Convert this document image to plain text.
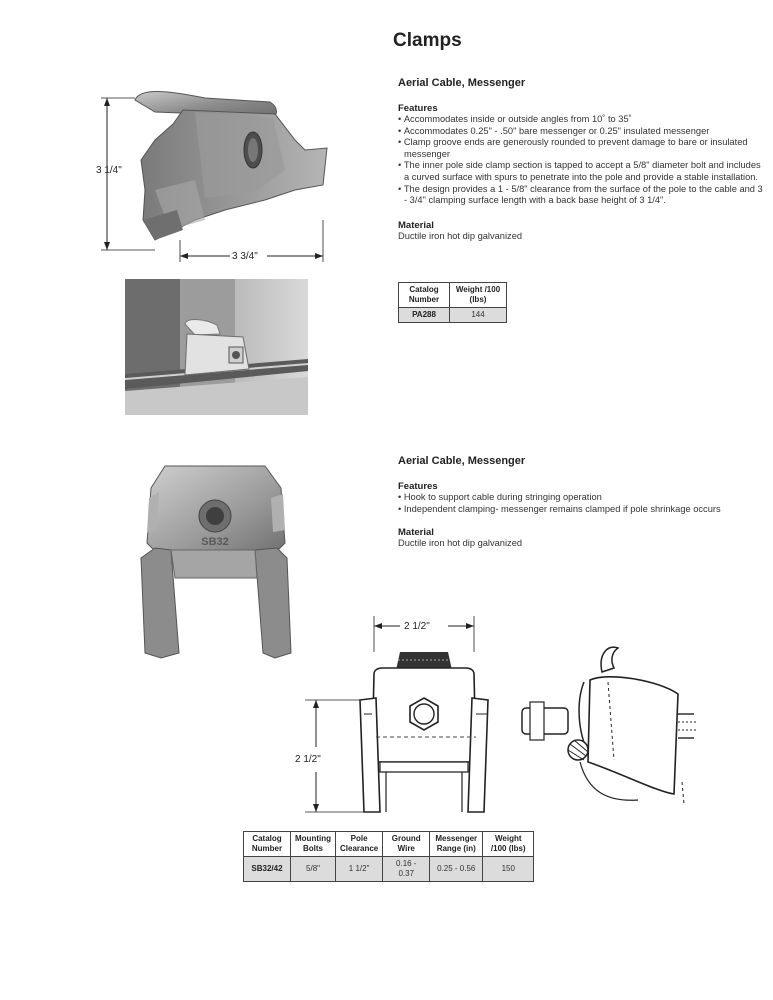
Clamps
3 1/4"
3 3/4"
Aerial Cable, Messenger
Features
• Accommodates inside or outside angles from 10˚ to 35˚
• Accommodates 0.25" - .50" bare messenger or 0.25" insulated messenger
• Clamp groove ends are generously rounded to prevent damage to bare or insulated messenger
• The inner pole side clamp section is tapped to accept a 5/8" diameter bolt and includes a curved surface with spurs to penetrate into the pole and provide a stable installation.
• The design provides a 1 - 5/8" clearance from the surface of the pole to the cable and 3 - 3/4" clamping surface length with a back base height of 3 1/4".
Material
Ductile iron hot dip galvanized
Catalog Number	Weight /100 (lbs)
PA288	144
SB32
Aerial Cable, Messenger
Features
• Hook to support cable during stringing operation
• Independent clamping- messenger remains clamped if pole shrinkage occurs
Material
Ductile iron hot dip galvanized
2 1/2"
2 1/2"
Catalog Number	Mounting Bolts	Pole Clearance	Ground Wire	Messenger Range (in)	Weight /100 (lbs)
SB32/42	5/8"	1 1/2"	0.16 - 0.37	0.25 - 0.56	150
